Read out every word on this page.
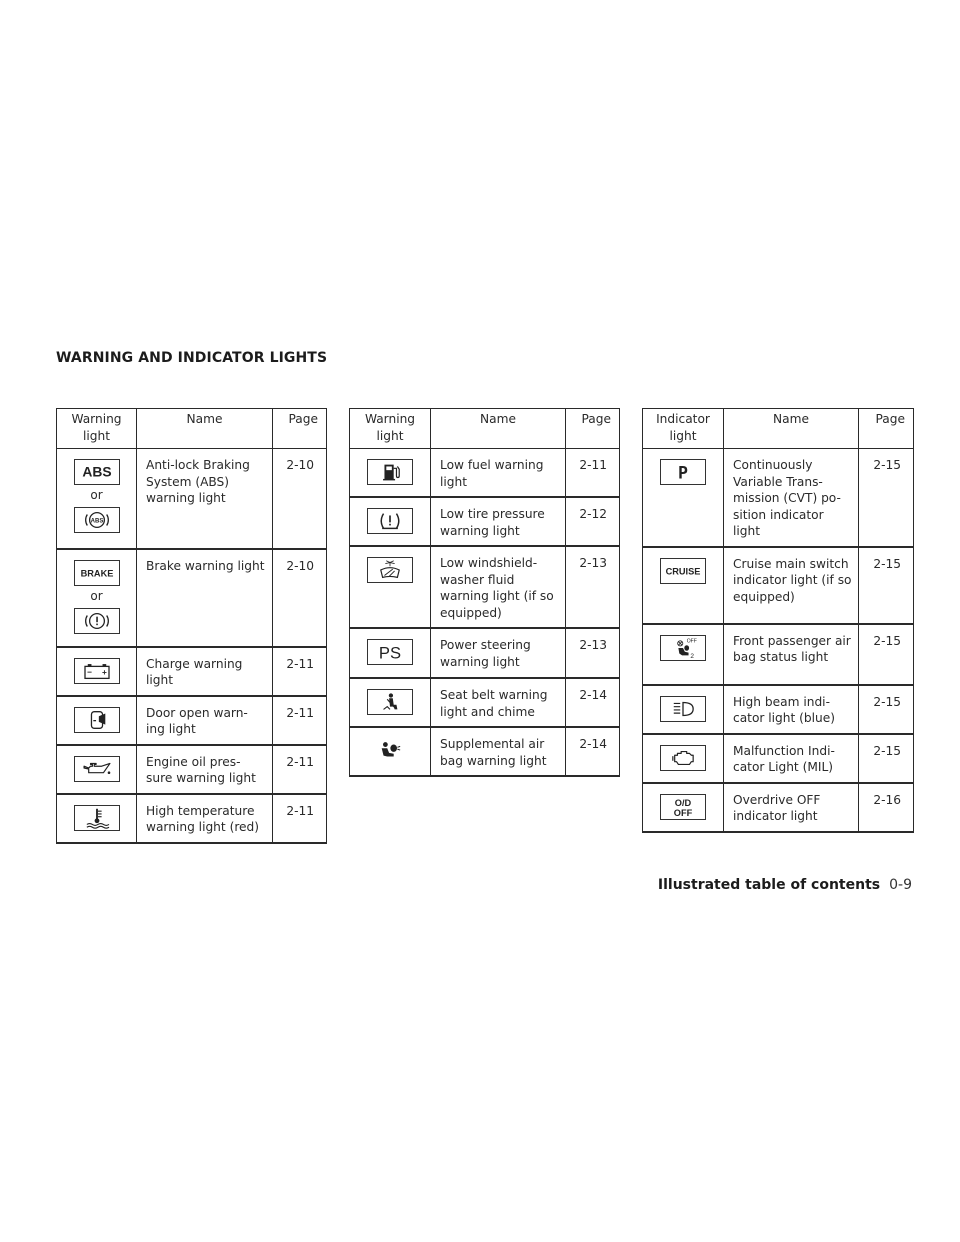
WARNING AND INDICATOR LIGHTS
Warning light	Name	Page

ABS
or
ABS	Anti-lock Braking System (ABS) warning light	2-10

BRAKE
or	Brake warning light	2-10

− +	Charge warning light	2-11

	Door open warn- ing light	2-11

	Engine oil pres- sure warning light	2-11

	High temperature warning light (red)	2-11
Warning light	Name	Page

	Low fuel warning light	2-11

	Low tire pressure warning light	2-12

	Low windshield- washer fluid warning light (if so equipped)	2-13

PS	Power steering warning light	2-13

	Seat belt warning light and chime	2-14

	Supplemental air bag warning light	2-14
Indicator light	Name	Page

P	Continuously Variable Trans- mission (CVT) po- sition indicator light	2-15

CRUISE	Cruise main switch indicator light (if so equipped)	2-15

OFF
2	Front passenger air bag status light	2-15

	High beam indi- cator light (blue)	2-15

	Malfunction Indi- cator Light (MIL)	2-15

O/D
OFF	Overdrive OFF indicator light	2-16
Illustrated table of contents 0-9
